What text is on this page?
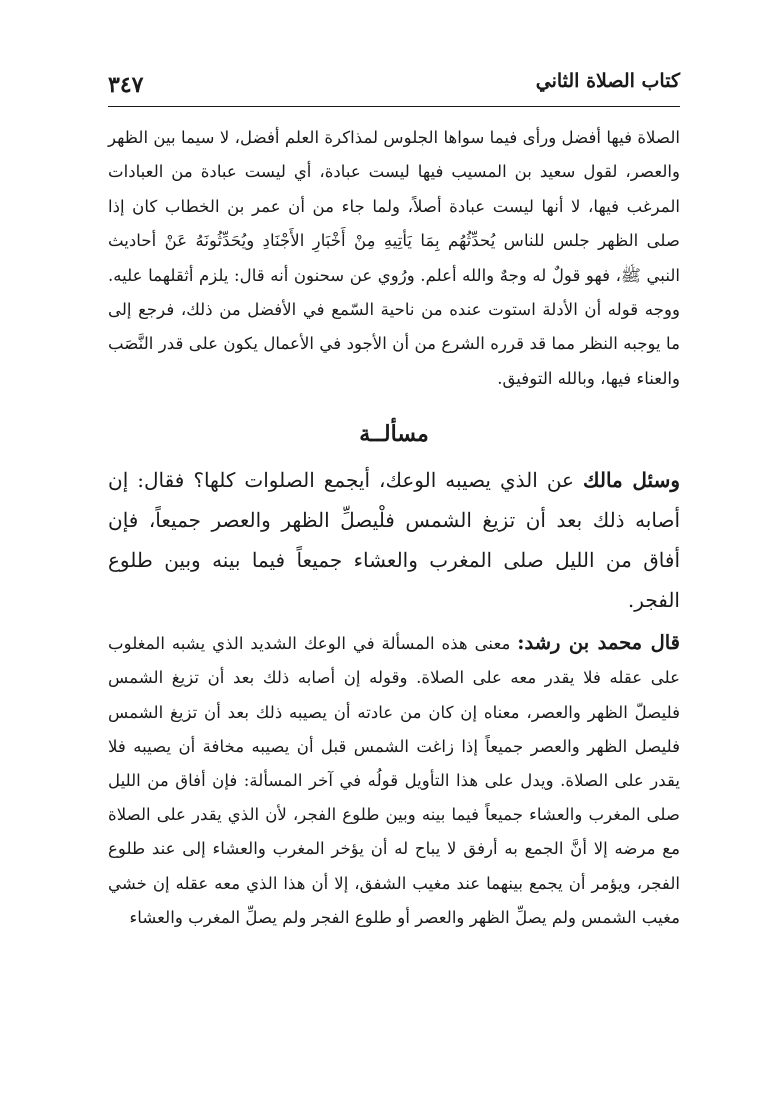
كتاب الصلاة الثاني
٣٤٧

الصلاة فيها أفضل ورأى فيما سواها الجلوس لمذاكرة العلم أفضل، لا سيما بين الظهر والعصر، لقول سعيد بن المسيب فيها ليست عبادة، أي ليست عبادة من العبادات المرغب فيها، لا أنها ليست عبادة أصلاً، ولما جاء من أن عمر بن الخطاب كان إذا صلى الظهر جلس للناس يُحدِّثُهُم بِمَا يَأتِيهِ مِنْ أَخْبَارِ الأَجْنَادِ ويُحَدِّثُونَهُ عَنْ أحاديث النبي ﷺ، فهو قولٌ له وجهٌ والله أعلم. ورُوي عن سحنون أنه قال: يلزم أثقلهما عليه. ووجه قوله أن الأدلة استوت عنده من ناحية السّمع في الأفضل من ذلك، فرجع إلى ما يوجبه النظر مما قد قرره الشرع من أن الأجود في الأعمال يكون على قدر النَّصَب والعناء فيها، وبالله التوفيق.

مسألــة

وسئل مالك عن الذي يصيبه الوعك، أيجمع الصلوات كلها؟ فقال: إن أصابه ذلك بعد أن تزيغ الشمس فلْيصلِّ الظهر والعصر جميعاً، فإن أفاق من الليل صلى المغرب والعشاء جميعاً فيما بينه وبين طلوع الفجر.

قال محمد بن رشد: معنى هذه المسألة في الوعك الشديد الذي يشبه المغلوب على عقله فلا يقدر معه على الصلاة. وقوله إن أصابه ذلك بعد أن تزيغ الشمس فليصلّ الظهر والعصر، معناه إن كان من عادته أن يصيبه ذلك بعد أن تزيغ الشمس فليصل الظهر والعصر جميعاً إذا زاغت الشمس قبل أن يصيبه مخافة أن يصيبه فلا يقدر على الصلاة. ويدل على هذا التأويل قولُه في آخر المسألة: فإن أفاق من الليل صلى المغرب والعشاء جميعاً فيما بينه وبين طلوع الفجر، لأن الذي يقدر على الصلاة مع مرضه إلا أنَّ الجمع به أرفق لا يباح له أن يؤخر المغرب والعشاء إلى عند طلوع الفجر، ويؤمر أن يجمع بينهما عند مغيب الشفق، إلا أن هذا الذي معه عقله إن خشي مغيب الشمس ولم يصلِّ الظهر والعصر أو طلوع الفجر ولم يصلِّ المغرب والعشاء
